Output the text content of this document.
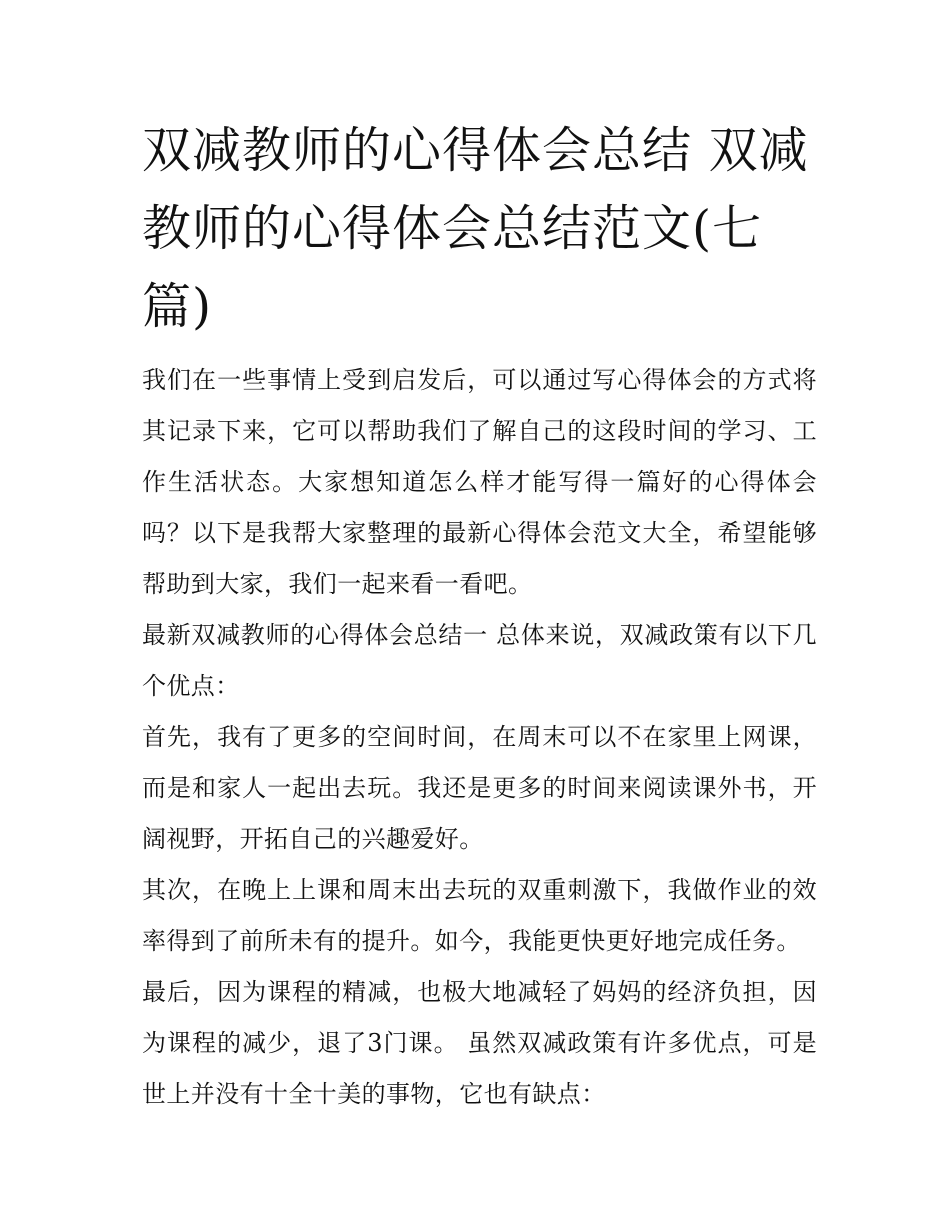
双减教师的心得体会总结 双减教师的心得体会总结范文(七篇)

我们在一些事情上受到启发后，可以通过写心得体会的方式将其记录下来，它可以帮助我们了解自己的这段时间的学习、工作生活状态。大家想知道怎么样才能写得一篇好的心得体会吗？以下是我帮大家整理的最新心得体会范文大全，希望能够帮助到大家，我们一起来看一看吧。

最新双减教师的心得体会总结一 总体来说，双减政策有以下几个优点：

首先，我有了更多的空间时间，在周末可以不在家里上网课，而是和家人一起出去玩。我还是更多的时间来阅读课外书，开阔视野，开拓自己的兴趣爱好。

其次，在晚上上课和周末出去玩的双重刺激下，我做作业的效率得到了前所未有的提升。如今，我能更快更好地完成任务。

最后，因为课程的精减，也极大地减轻了妈妈的经济负担，因为课程的减少，退了3门课。 虽然双减政策有许多优点，可是世上并没有十全十美的事物，它也有缺点：
